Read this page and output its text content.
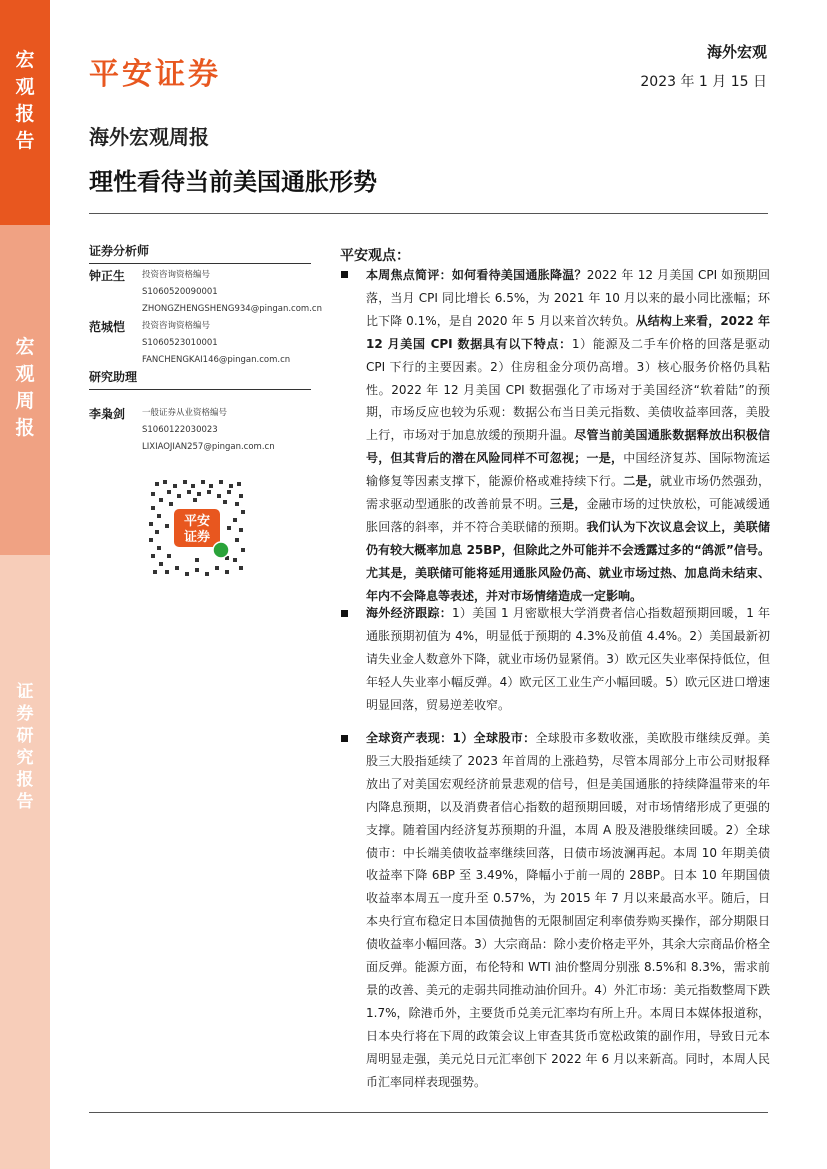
宏
观
报
告
宏
观
周
报
证
券
研
究
报
告
平安证券
海外宏观
2023 年 1 月 15 日
海外宏观周报
理性看待当前美国通胀形势
证券分析师
钟正生 投资咨询资格编号
S1060520090001
ZHONGZHENGSHENG934@pingan.com.cn
范城恺 投资咨询资格编号
S1060523010001
FANCHENGKAI146@pingan.com.cn
研究助理
李枭剑 一般证券从业资格编号
S1060122030023
LIXIAOJIAN257@pingan.com.cn
平安
证券
平安观点：
本周焦点简评：如何看待美国通胀降温？2022 年 12 月美国 CPI 如预期回落，当月 CPI 同比增长 6.5%，为 2021 年 10 月以来的最小同比涨幅；环比下降 0.1%，是自 2020 年 5 月以来首次转负。从结构上来看，2022 年 12 月美国 CPI 数据具有以下特点：1）能源及二手车价格的回落是驱动 CPI 下行的主要因素。2）住房租金分项仍高增。3）核心服务价格仍具粘性。2022 年 12 月美国 CPI 数据强化了市场对于美国经济“软着陆”的预期，市场反应也较为乐观：数据公布当日美元指数、美债收益率回落，美股上行，市场对于加息放缓的预期升温。尽管当前美国通胀数据释放出积极信号，但其背后的潜在风险同样不可忽视；一是，中国经济复苏、国际物流运输修复等因素支撑下，能源价格或难持续下行。二是，就业市场仍然强劲，需求驱动型通胀的改善前景不明。三是，金融市场的过快放松，可能减缓通胀回落的斜率，并不符合美联储的预期。我们认为下次议息会议上，美联储仍有较大概率加息 25BP，但除此之外可能并不会透露过多的“鸽派”信号。尤其是，美联储可能将延用通胀风险仍高、就业市场过热、加息尚未结束、年内不会降息等表述，并对市场情绪造成一定影响。
海外经济跟踪：1）美国 1 月密歇根大学消费者信心指数超预期回暖，1 年通胀预期初值为 4%，明显低于预期的 4.3%及前值 4.4%。2）美国最新初请失业金人数意外下降，就业市场仍显紧俏。3）欧元区失业率保持低位，但年轻人失业率小幅反弹。4）欧元区工业生产小幅回暖。5）欧元区进口增速明显回落，贸易逆差收窄。
全球资产表现：1）全球股市：全球股市多数收涨，美欧股市继续反弹。美股三大股指延续了 2023 年首周的上涨趋势，尽管本周部分上市公司财报释放出了对美国宏观经济前景悲观的信号，但是美国通胀的持续降温带来的年内降息预期，以及消费者信心指数的超预期回暖，对市场情绪形成了更强的支撑。随着国内经济复苏预期的升温，本周 A 股及港股继续回暖。2）全球债市：中长端美债收益率继续回落，日债市场波澜再起。本周 10 年期美债收益率下降 6BP 至 3.49%，降幅小于前一周的 28BP。日本 10 年期国债收益率本周五一度升至 0.57%，为 2015 年 7 月以来最高水平。随后，日本央行宣布稳定日本国债抛售的无限制固定利率债券购买操作，部分期限日债收益率小幅回落。3）大宗商品：除小麦价格走平外，其余大宗商品价格全面反弹。能源方面，布伦特和 WTI 油价整周分别涨 8.5%和 8.3%，需求前景的改善、美元的走弱共同推动油价回升。4）外汇市场：美元指数整周下跌 1.7%，除港币外，主要货币兑美元汇率均有所上升。本周日本媒体报道称，日本央行将在下周的政策会议上审查其货币宽松政策的副作用，导致日元本周明显走强，美元兑日元汇率创下 2022 年 6 月以来新高。同时，本周人民币汇率同样表现强势。
